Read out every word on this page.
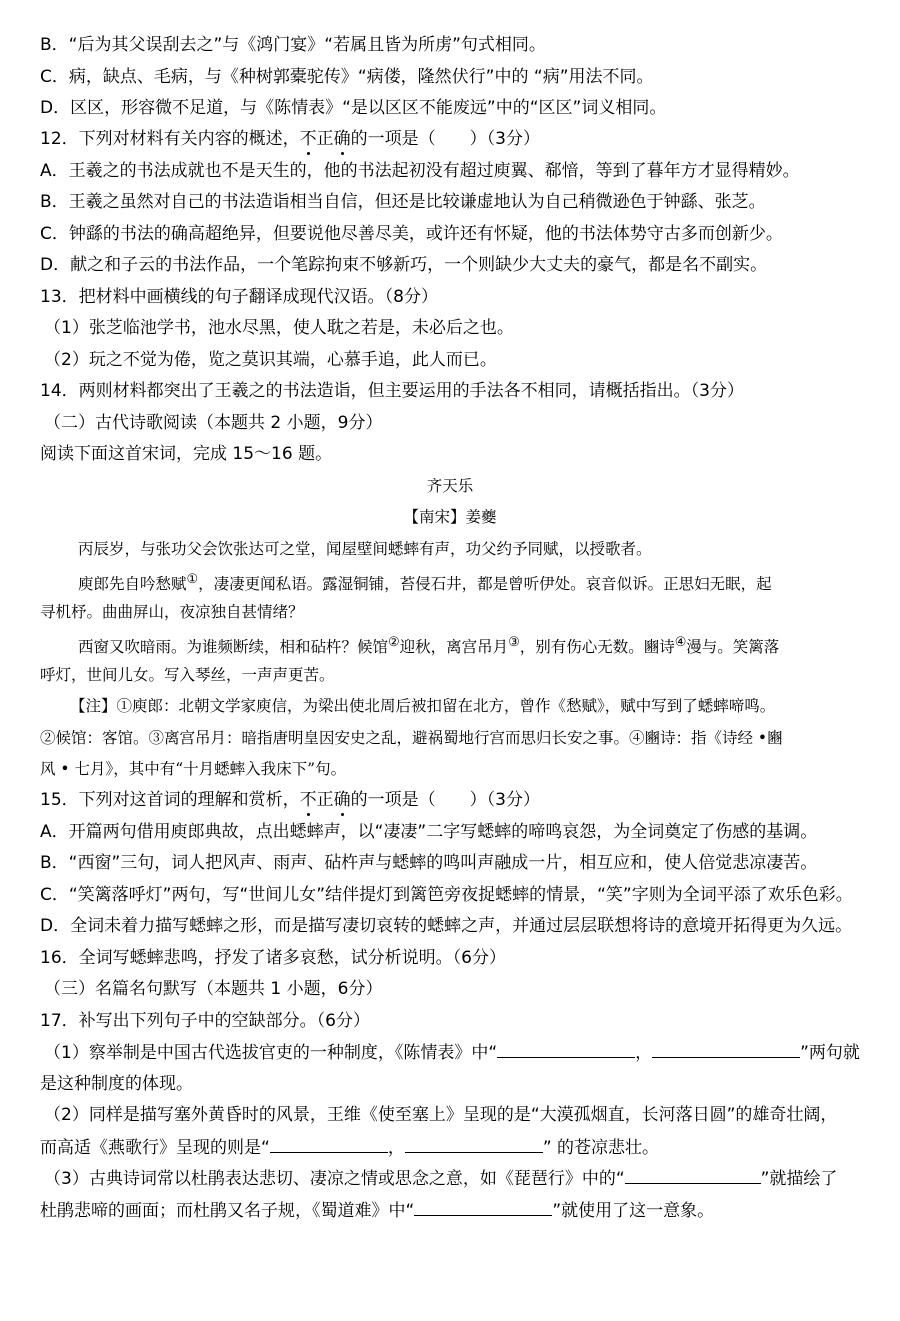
B．“后为其父误刮去之”与《鸿门宴》“若属且皆为所虏”句式相同。
C．病，缺点、毛病，与《种树郭橐驼传》“病偻，隆然伏行”中的 “病”用法不同。
D．区区，形容微不足道，与《陈情表》“是以区区不能废远”中的“区区”词义相同。
12．下列对材料有关内容的概述，不正确的一项是（　　）（3分）
A．王羲之的书法成就也不是天生的，他的书法起初没有超过庾翼、郗愔，等到了暮年方才显得精妙。
B．王羲之虽然对自己的书法造诣相当自信，但还是比较谦虚地认为自己稍微逊色于钟繇、张芝。
C．钟繇的书法的确高超绝异，但要说他尽善尽美，或许还有怀疑，他的书法体势守古多而创新少。
D．献之和子云的书法作品，一个笔踪拘束不够新巧，一个则缺少大丈夫的豪气，都是名不副实。
13．把材料中画横线的句子翻译成现代汉语。（8分）
（1）张芝临池学书，池水尽黑，使人耽之若是，未必后之也。
（2）玩之不觉为倦，览之莫识其端，心慕手追，此人而已。
14．两则材料都突出了王羲之的书法造诣，但主要运用的手法各不相同，请概括指出。（3分）
（二）古代诗歌阅读（本题共 2 小题，9分）
阅读下面这首宋词，完成 15～16 题。
齐天乐
【南宋】姜夔
丙辰岁，与张功父会饮张达可之堂，闻屋壁间蟋蟀有声，功父约予同赋，以授歌者。
庾郎先自吟愁赋①，凄凄更闻私语。露湿铜铺，苔侵石井，都是曾听伊处。哀音似诉。正思妇无眠，起
寻机杼。曲曲屏山，夜凉独自甚情绪？
西窗又吹暗雨。为谁频断续，相和砧杵？候馆②迎秋，离宫吊月③，别有伤心无数。豳诗④漫与。笑篱落
呼灯，世间儿女。写入琴丝，一声声更苦。
【注】①庾郎：北朝文学家庾信，为梁出使北周后被扣留在北方，曾作《愁赋》，赋中写到了蟋蟀啼鸣。
②候馆：客馆。③离宫吊月：暗指唐明皇因安史之乱，避祸蜀地行宫而思归长安之事。④豳诗：指《诗经 •豳
风 • 七月》，其中有“十月蟋蟀入我床下”句。
15．下列对这首词的理解和赏析，不正确的一项是（　　）（3分）
A．开篇两句借用庾郎典故，点出蟋蟀声，以“凄凄”二字写蟋蟀的啼鸣哀怨，为全词奠定了伤感的基调。
B．“西窗”三句，词人把风声、雨声、砧杵声与蟋蟀的鸣叫声融成一片，相互应和，使人倍觉悲凉凄苦。
C．“笑篱落呼灯”两句，写“世间儿女”结伴提灯到篱笆旁夜捉蟋蟀的情景，“笑”字则为全词平添了欢乐色彩。
D．全词未着力描写蟋蟀之形，而是描写凄切哀转的蟋蟀之声，并通过层层联想将诗的意境开拓得更为久远。
16．全词写蟋蟀悲鸣，抒发了诸多哀愁，试分析说明。（6分）
（三）名篇名句默写（本题共 1 小题，6分）
17．补写出下列句子中的空缺部分。（6分）
（1）察举制是中国古代选拔官吏的一种制度，《陈情表》中“	，	”两句就
是这种制度的体现。
（2）同样是描写塞外黄昏时的风景，王维《使至塞上》呈现的是“大漠孤烟直，长河落日圆”的雄奇壮阔，
而高适《燕歌行》呈现的则是“	，	” 的苍凉悲壮。
（3）古典诗词常以杜鹃表达悲切、凄凉之情或思念之意，如《琵琶行》中的“	”就描绘了
杜鹃悲啼的画面；而杜鹃又名子规，《蜀道难》中“	”就使用了这一意象。
